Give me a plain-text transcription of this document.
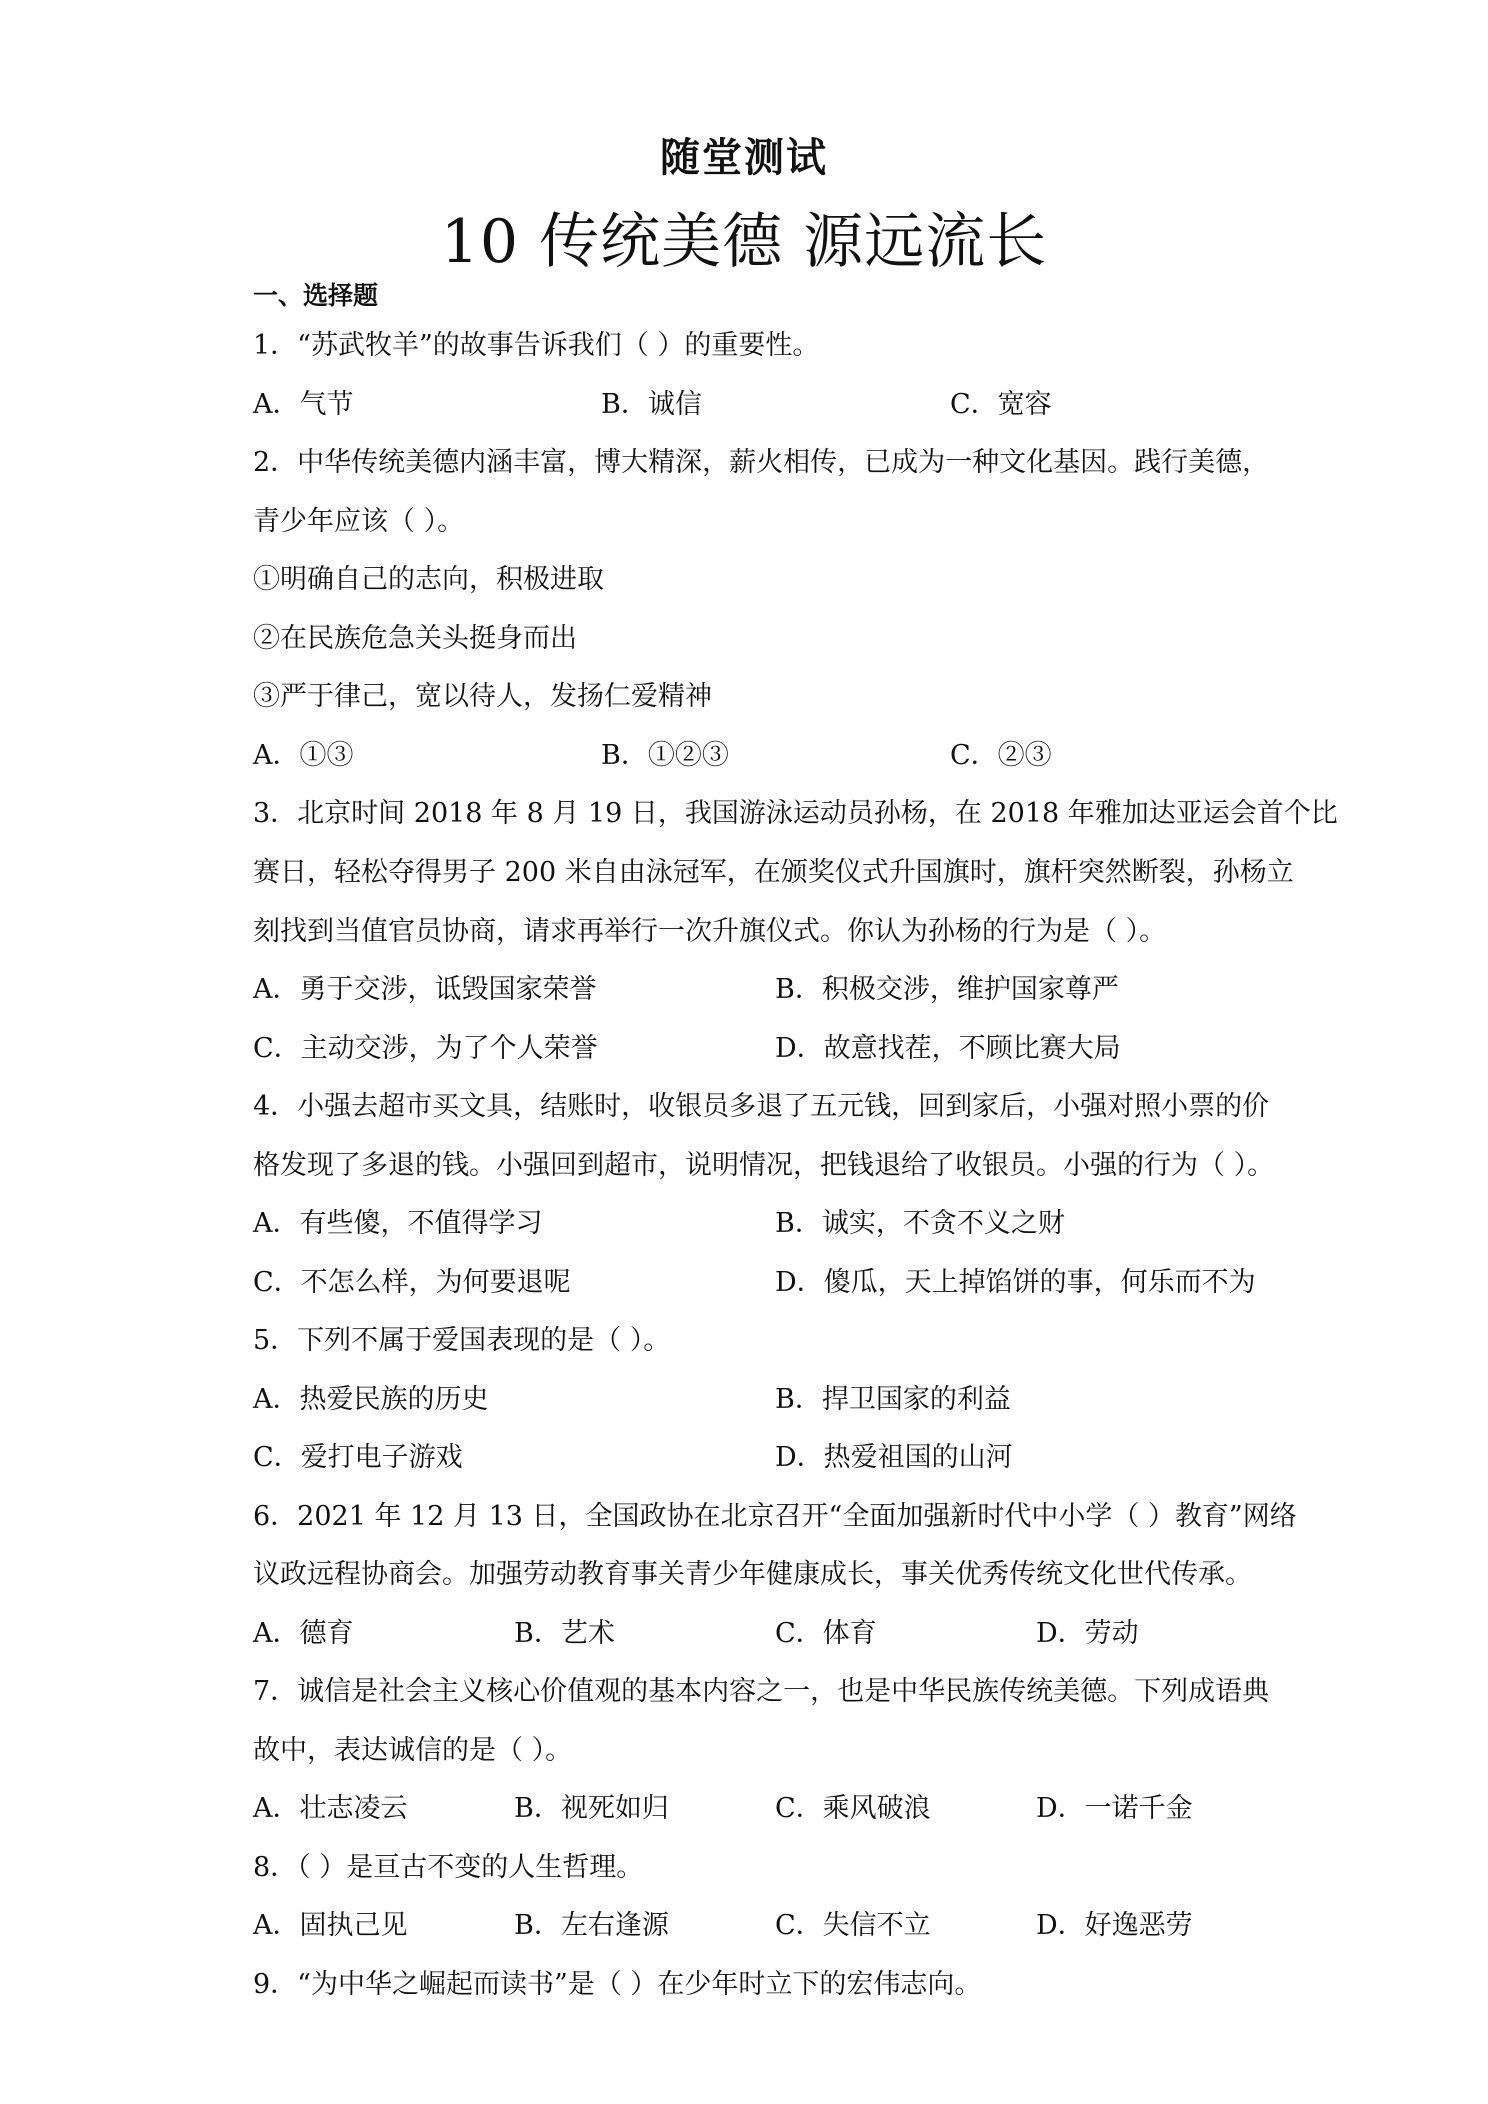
随堂测试
10 传统美德 源远流长
一、选择题
1．“苏武牧羊”的故事告诉我们（ ）的重要性。
A．气节	B．诚信	C．宽容
2．中华传统美德内涵丰富，博大精深，薪火相传，已成为一种文化基因。践行美德，
青少年应该（ ）。
①明确自己的志向，积极进取
②在民族危急关头挺身而出
③严于律己，宽以待人，发扬仁爱精神
A．①③	B．①②③	C．②③
3．北京时间 2018 年 8 月 19 日，我国游泳运动员孙杨，在 2018 年雅加达亚运会首个比
赛日，轻松夺得男子 200 米自由泳冠军，在颁奖仪式升国旗时，旗杆突然断裂，孙杨立
刻找到当值官员协商，请求再举行一次升旗仪式。你认为孙杨的行为是（ ）。
A．勇于交涉，诋毁国家荣誉	B．积极交涉，维护国家尊严
C．主动交涉，为了个人荣誉	D．故意找茬，不顾比赛大局
4．小强去超市买文具，结账时，收银员多退了五元钱，回到家后，小强对照小票的价
格发现了多退的钱。小强回到超市，说明情况，把钱退给了收银员。小强的行为（ ）。
A．有些傻，不值得学习	B．诚实，不贪不义之财
C．不怎么样，为何要退呢	D．傻瓜，天上掉馅饼的事，何乐而不为
5．下列不属于爱国表现的是（ ）。
A．热爱民族的历史	B．捍卫国家的利益
C．爱打电子游戏	D．热爱祖国的山河
6．2021 年 12 月 13 日，全国政协在北京召开“全面加强新时代中小学（ ）教育”网络
议政远程协商会。加强劳动教育事关青少年健康成长，事关优秀传统文化世代传承。
A．德育	B．艺术	C．体育	D．劳动
7．诚信是社会主义核心价值观的基本内容之一，也是中华民族传统美德。下列成语典
故中，表达诚信的是（ ）。
A．壮志凌云	B．视死如归	C．乘风破浪	D．一诺千金
8．（ ）是亘古不变的人生哲理。
A．固执己见	B．左右逢源	C．失信不立	D．好逸恶劳
9．“为中华之崛起而读书”是（ ）在少年时立下的宏伟志向。
